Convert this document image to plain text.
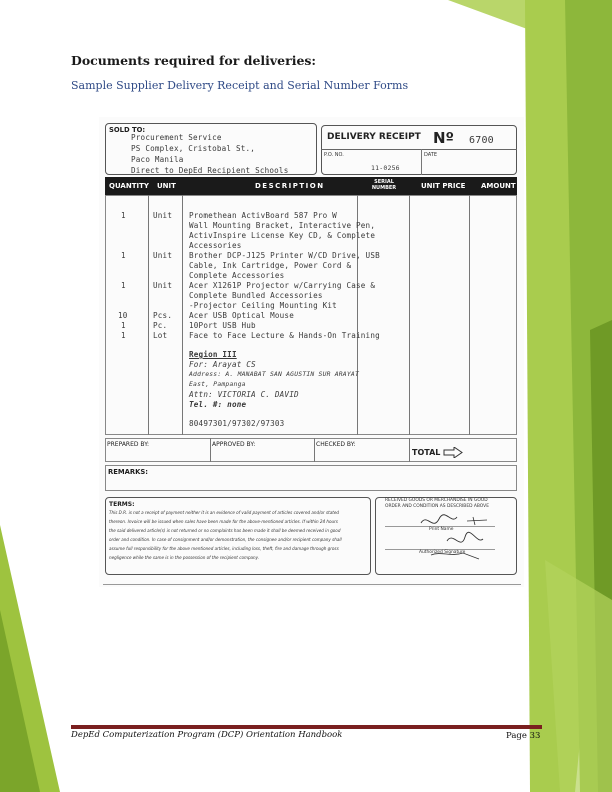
Documents required for deliveries:
Sample Supplier Delivery Receipt and Serial Number Forms
SOLD TO:
Procurement Service
PS Complex, Cristobal St.,
Paco Manila
Direct to DepEd Recipient Schools
DELIVERY RECEIPT Nº 6700
P.O. NO.
11-0256
DATE
QUANTITY UNIT	DESCRIPTION	SERIAL NUMBER	UNIT PRICE AMOUNT
1	Unit Promethean ActivBoard 587 Pro W
Wall Mounting Bracket, Interactive Pen,
ActivInspire License Key CD, & Complete
Accessories
1	Unit Brother DCP-J125 Printer W/CD Drive, USB
Cable, Ink Cartridge, Power Cord &
Complete Accessories
1	Unit Acer X1261P Projector w/Carrying Case &
Complete Bundled Accessories
-Projector Ceiling Mounting Kit
10	Pcs. Acer USB Optical Mouse
1	Pc.	10Port USB Hub
1	Lot	Face to Face Lecture & Hands-On Training
Region III
For: Arayat CS
Address: A. MANABAT SAN AGUSTIN SUR ARAYAT
East, Pampanga
Attn: VICTORIA C. DAVID
Tel. #: none
80497301/97302/97303
PREPARED BY:	APPROVED BY:	CHECKED BY:
TOTAL
REMARKS:
TERMS:
This D.R. is not a receipt of payment neither it is an evidence of valid payment of articles covered and/or stated
thereon. Invoice will be issued when sales have been made for the above-mentioned articles. If within 24 hours
the said delivered article(s) is not returned or no complaints has been made it shall be deemed received in good
order and condition. In case of consignment and/or demonstration, the consignee and/or recipient company shall
assume full responsibility for the above mentioned articles, including loss, theft, fire and damage through gross
negligence while the same is in the possession of the recipient company.
RECEIVED GOODS OR MERCHANDISE IN GOOD
ORDER AND CONDITION AS DESCRIBED ABOVE
Print Name
Authorized Signature
DepEd Computerization Program (DCP) Orientation Handbook	Page 33
